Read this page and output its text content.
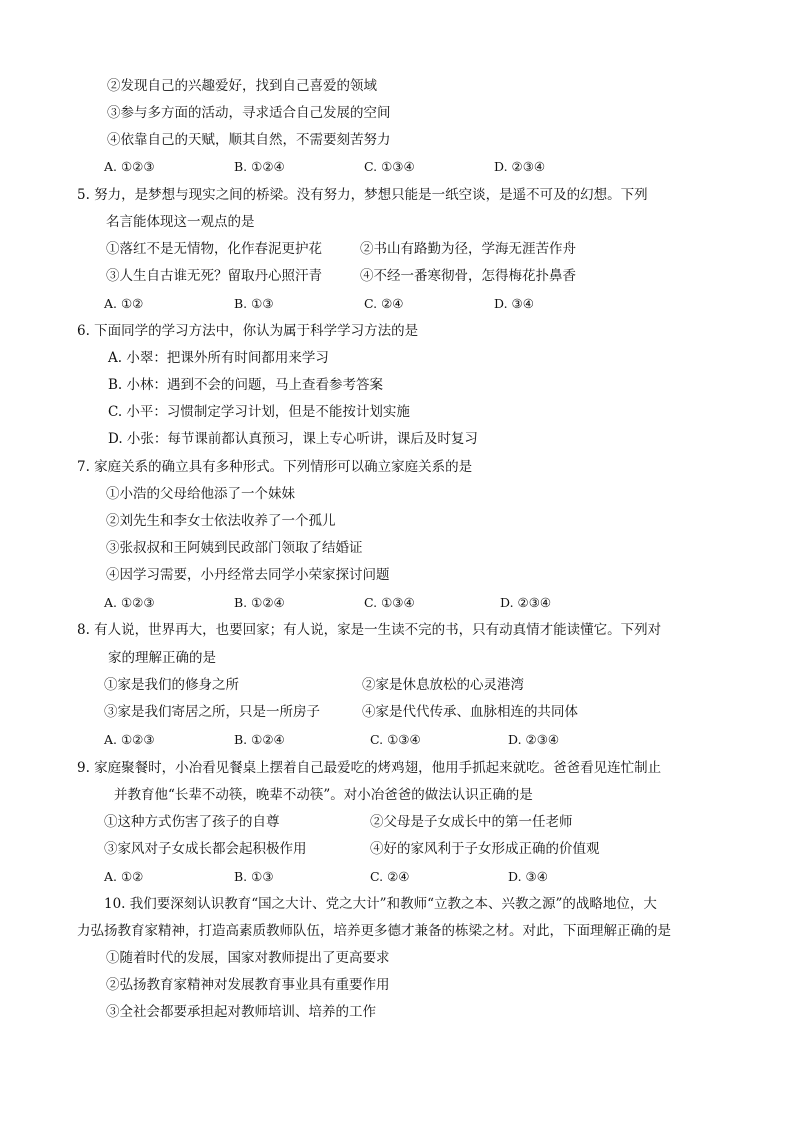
②发现自己的兴趣爱好，找到自己喜爱的领域
③参与多方面的活动，寻求适合自己发展的空间
④依靠自己的天赋，顺其自然，不需要刻苦努力
A. ①②③	B. ①②④	C. ①③④	D. ②③④
5. 努力，是梦想与现实之间的桥梁。没有努力，梦想只能是一纸空谈，是遥不可及的幻想。下列
名言能体现这一观点的是
①落红不是无情物，化作春泥更护花	②书山有路勤为径，学海无涯苦作舟
③人生自古谁无死？留取丹心照汗青	④不经一番寒彻骨，怎得梅花扑鼻香
A. ①②	B. ①③	C. ②④	D. ③④
6. 下面同学的学习方法中，你认为属于科学学习方法的是
A. 小翠：把课外所有时间都用来学习
B. 小林：遇到不会的问题，马上查看参考答案
C. 小平：习惯制定学习计划，但是不能按计划实施
D. 小张：每节课前都认真预习，课上专心听讲，课后及时复习
7. 家庭关系的确立具有多种形式。下列情形可以确立家庭关系的是
①小浩的父母给他添了一个妹妹
②刘先生和李女士依法收养了一个孤儿
③张叔叔和王阿姨到民政部门领取了结婚证
④因学习需要，小丹经常去同学小荣家探讨问题
A. ①②③	B. ①②④	C. ①③④	D. ②③④
8. 有人说，世界再大，也要回家；有人说，家是一生读不完的书，只有动真情才能读懂它。下列对
家的理解正确的是
①家是我们的修身之所	②家是休息放松的心灵港湾
③家是我们寄居之所，只是一所房子	④家是代代传承、血脉相连的共同体
A. ①②③	B. ①②④	C. ①③④	D. ②③④
9. 家庭聚餐时，小冶看见餐桌上摆着自己最爱吃的烤鸡翅，他用手抓起来就吃。爸爸看见连忙制止
并教育他“长辈不动筷，晚辈不动筷”。对小冶爸爸的做法认识正确的是
①这种方式伤害了孩子的自尊	②父母是子女成长中的第一任老师
③家风对子女成长都会起积极作用	④好的家风利于子女形成正确的价值观
A. ①②	B. ①③	C. ②④	D. ③④
10. 我们要深刻认识教育“国之大计、党之大计”和教师“立教之本、兴教之源”的战略地位，大
力弘扬教育家精神，打造高素质教师队伍，培养更多德才兼备的栋梁之材。对此，下面理解正确的是
①随着时代的发展，国家对教师提出了更高要求
②弘扬教育家精神对发展教育事业具有重要作用
③全社会都要承担起对教师培训、培养的工作
